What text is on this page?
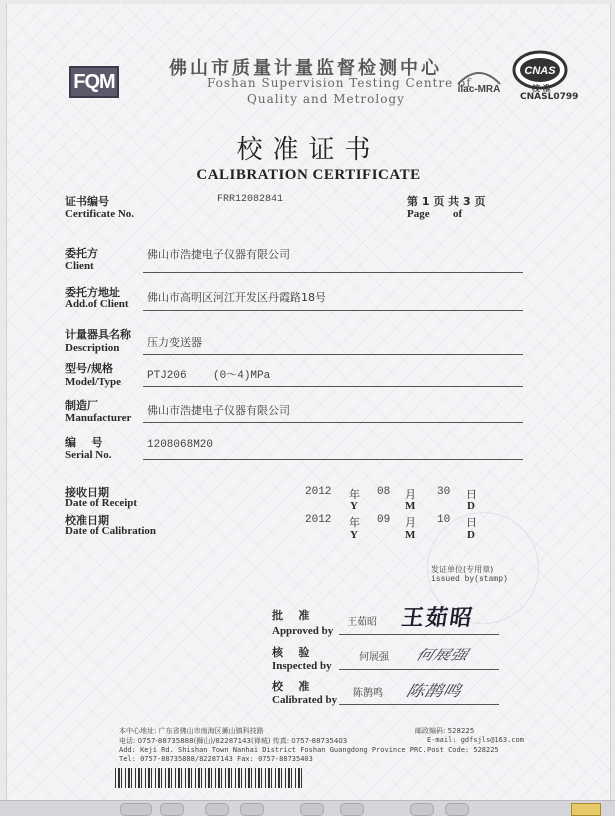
FQM
佛山市质量计量监督检测中心
Foshan Supervision Testing Centre of
Quality and Metrology
ilac-MRA
CNAS
校 准
CNASL0799
校准证书
CALIBRATION CERTIFICATE
证书编号
Certificate No.
FRR12082841	第 1 页 共 3 页
Page of
委托方
Client
佛山市浩捷电子仪器有限公司
委托方地址
Add.of Client 佛山市高明区河江开发区丹霞路18号
计量器具名称
Description	压力变送器
型号/规格
Model/Type PTJ206    (0～4)MPa
制造厂
Manufacturer
佛山市浩捷电子仪器有限公司
编    号
Serial No.
1208068M20
接收日期
Date of Receipt
2012 年
Y
08 月
M
30 日
D
校准日期
Date of Calibration
2012 年
Y
09 月
M
10 日
D
发证单位(专用章)
issued by(stamp)
批    准
Approved by
王茹昭 王茹昭
核    验
Inspected by
何展强 何展强
校    准
Calibrated by
陈鹊鸣 陈鹊鸣
本中心地址: 广东省佛山市南海区狮山镇科技路
电话: 0757-88735888(狮山)/82287143(禅城) 传真: 0757-88735403
Add: Keji Rd. Shishan Town Nanhai District Foshan Guangdong Province PRC.
Tel: 0757-88735888/82287143 Fax: 0757-88735403
邮政编码: 528225
E-mail: gdfsjls@163.com
Post Code: 528225
